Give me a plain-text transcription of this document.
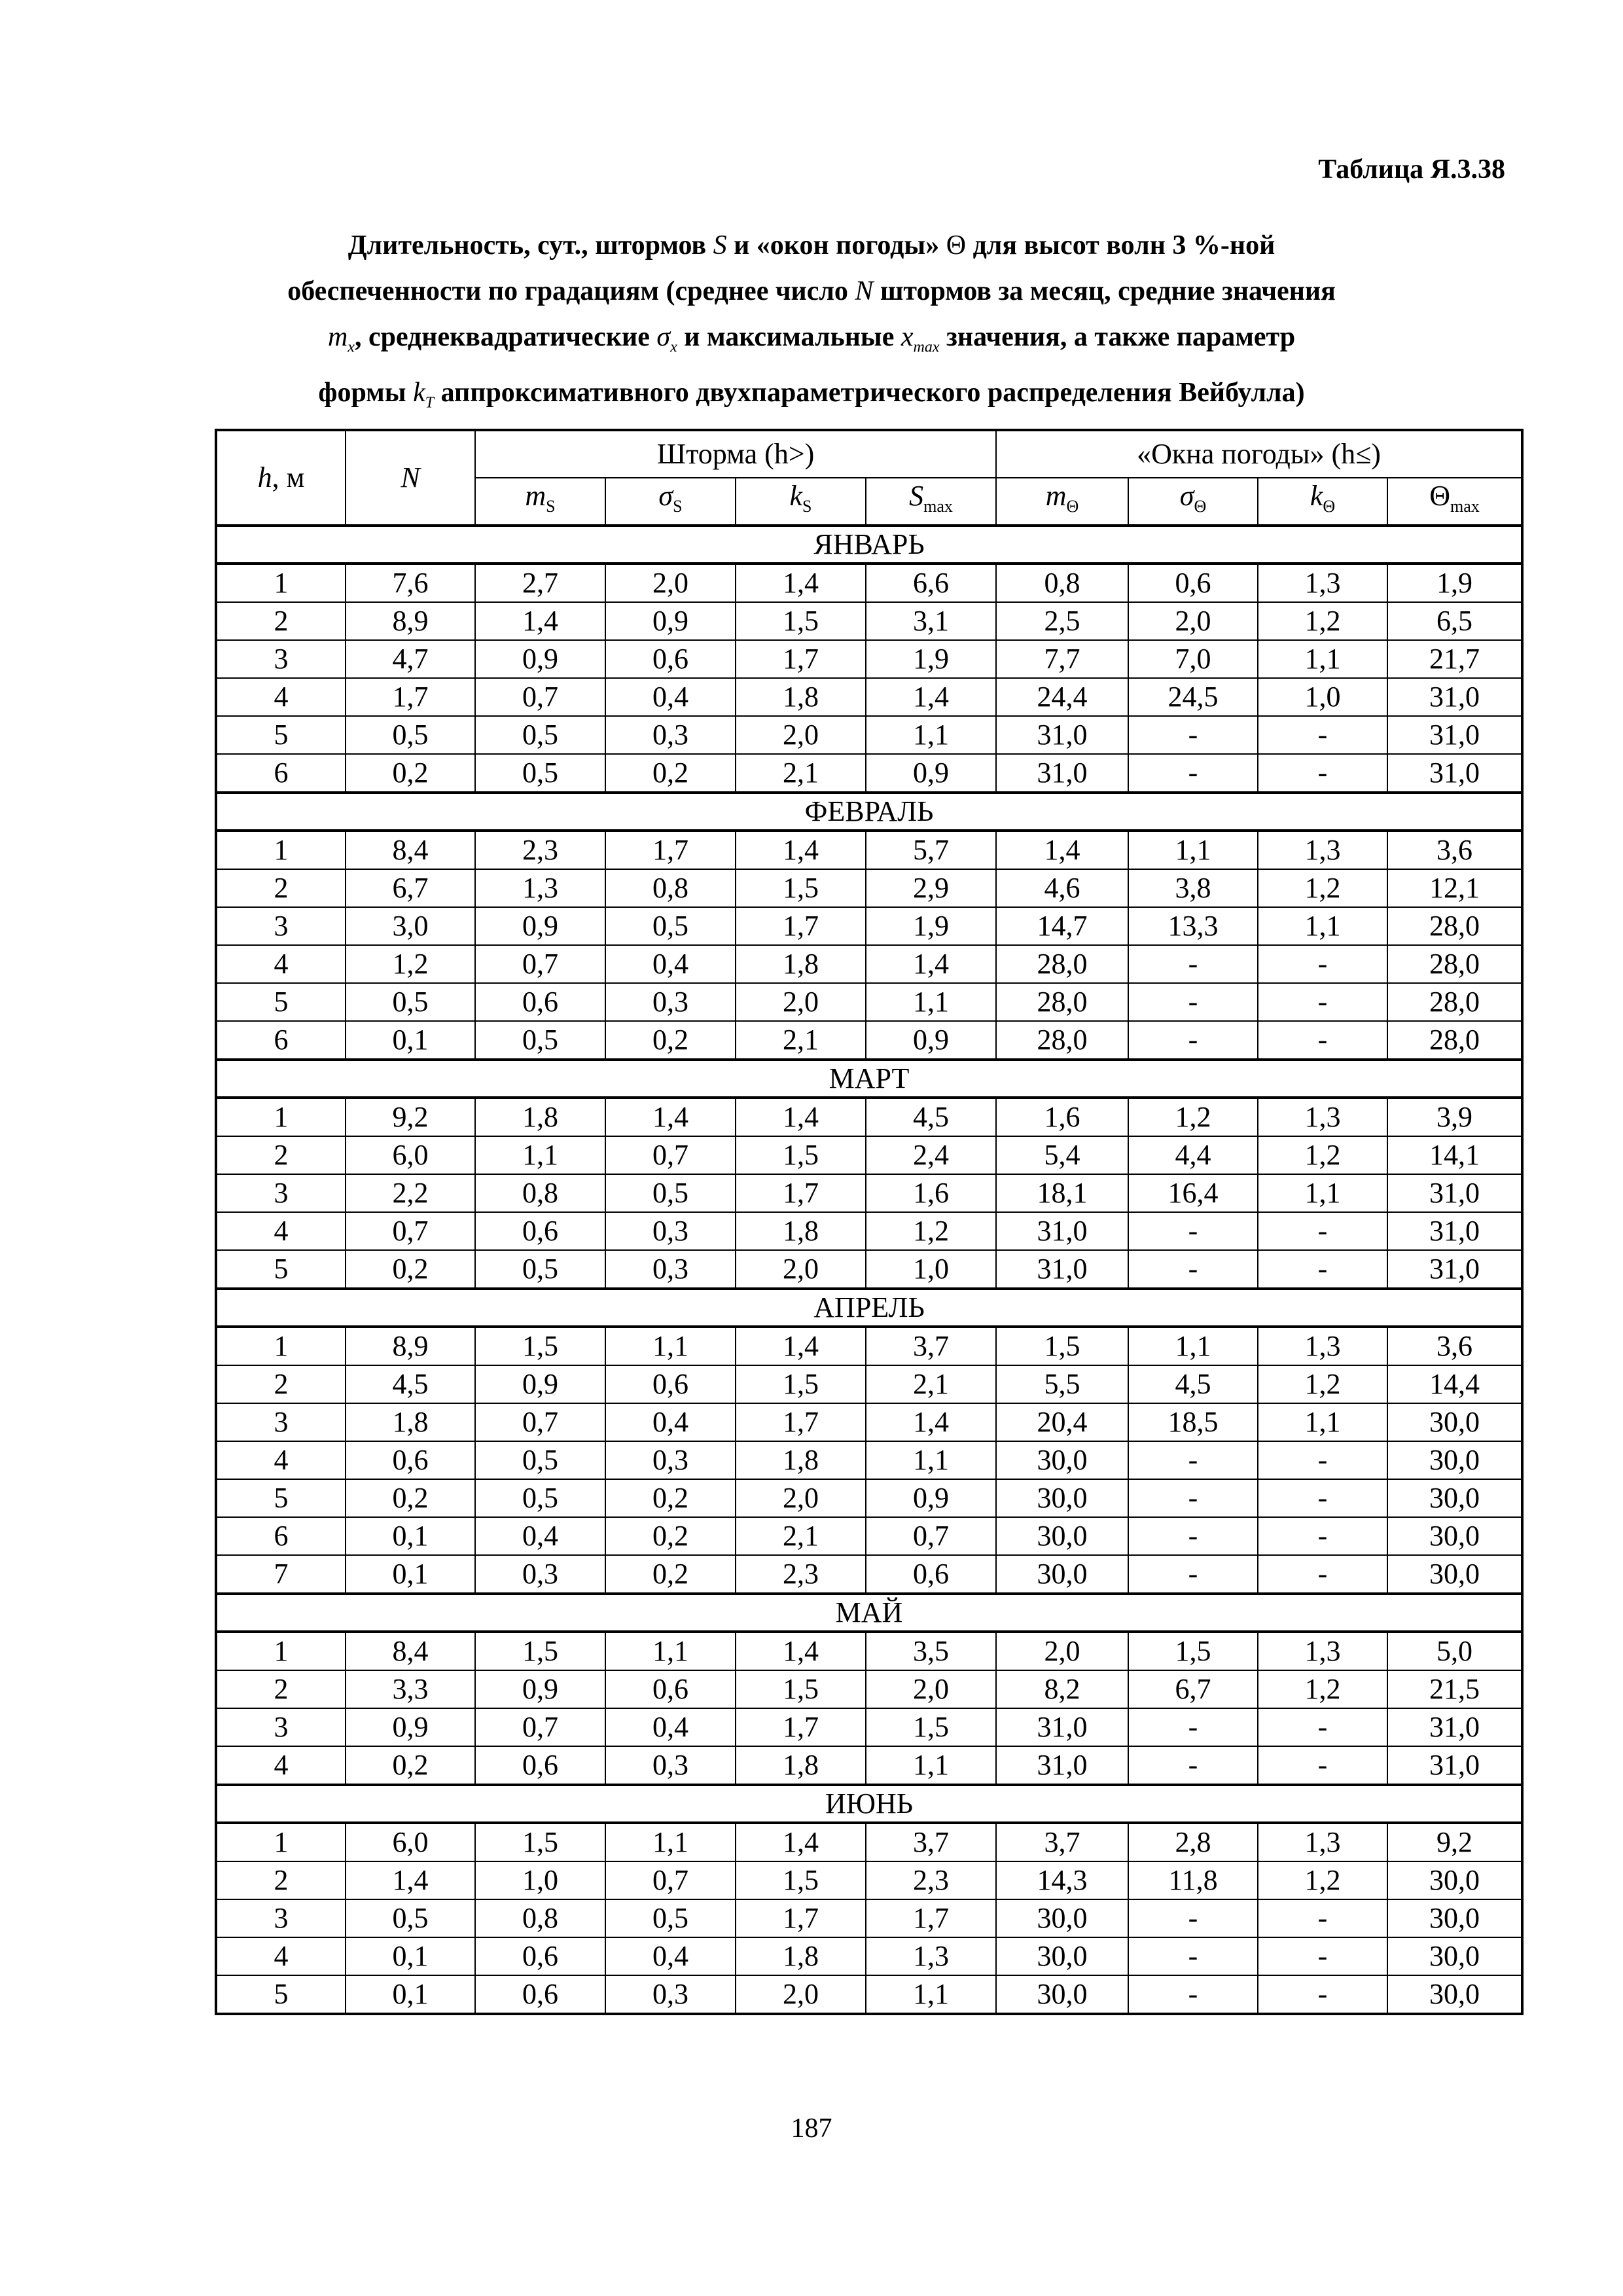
Таблица Я.3.38
Длительность, сут., штормов S и «окон погоды» Θ для высот волн 3 %-ной
обеспеченности по градациям (среднее число N штормов за месяц, средние значения
$m_x$, среднеквадратические $\sigma_x$ и максимальные $x_{max}$ значения, а также параметр
формы $k_T$ аппроксимативного двухпараметрического распределения Вейбулла)
h, м	N	Шторма (h>)				«Окна погоды» (h≤)			
		$m_S$	$\sigma_S$	$k_S$	$S_{max}$	$m_\Theta$	$\sigma_\Theta$	$k_\Theta$	$\Theta_{max}$
ЯНВАРЬ									
1	7,6	2,7	2,0	1,4	6,6	0,8	0,6	1,3	1,9
2	8,9	1,4	0,9	1,5	3,1	2,5	2,0	1,2	6,5
3	4,7	0,9	0,6	1,7	1,9	7,7	7,0	1,1	21,7
4	1,7	0,7	0,4	1,8	1,4	24,4	24,5	1,0	31,0
5	0,5	0,5	0,3	2,0	1,1	31,0	-	-	31,0
6	0,2	0,5	0,2	2,1	0,9	31,0	-	-	31,0
ФЕВРАЛЬ									
1	8,4	2,3	1,7	1,4	5,7	1,4	1,1	1,3	3,6
2	6,7	1,3	0,8	1,5	2,9	4,6	3,8	1,2	12,1
3	3,0	0,9	0,5	1,7	1,9	14,7	13,3	1,1	28,0
4	1,2	0,7	0,4	1,8	1,4	28,0	-	-	28,0
5	0,5	0,6	0,3	2,0	1,1	28,0	-	-	28,0
6	0,1	0,5	0,2	2,1	0,9	28,0	-	-	28,0
МАРТ									
1	9,2	1,8	1,4	1,4	4,5	1,6	1,2	1,3	3,9
2	6,0	1,1	0,7	1,5	2,4	5,4	4,4	1,2	14,1
3	2,2	0,8	0,5	1,7	1,6	18,1	16,4	1,1	31,0
4	0,7	0,6	0,3	1,8	1,2	31,0	-	-	31,0
5	0,2	0,5	0,3	2,0	1,0	31,0	-	-	31,0
АПРЕЛЬ									
1	8,9	1,5	1,1	1,4	3,7	1,5	1,1	1,3	3,6
2	4,5	0,9	0,6	1,5	2,1	5,5	4,5	1,2	14,4
3	1,8	0,7	0,4	1,7	1,4	20,4	18,5	1,1	30,0
4	0,6	0,5	0,3	1,8	1,1	30,0	-	-	30,0
5	0,2	0,5	0,2	2,0	0,9	30,0	-	-	30,0
6	0,1	0,4	0,2	2,1	0,7	30,0	-	-	30,0
7	0,1	0,3	0,2	2,3	0,6	30,0	-	-	30,0
МАЙ									
1	8,4	1,5	1,1	1,4	3,5	2,0	1,5	1,3	5,0
2	3,3	0,9	0,6	1,5	2,0	8,2	6,7	1,2	21,5
3	0,9	0,7	0,4	1,7	1,5	31,0	-	-	31,0
4	0,2	0,6	0,3	1,8	1,1	31,0	-	-	31,0
ИЮНЬ									
1	6,0	1,5	1,1	1,4	3,7	3,7	2,8	1,3	9,2
2	1,4	1,0	0,7	1,5	2,3	14,3	11,8	1,2	30,0
3	0,5	0,8	0,5	1,7	1,7	30,0	-	-	30,0
4	0,1	0,6	0,4	1,8	1,3	30,0	-	-	30,0
5	0,1	0,6	0,3	2,0	1,1	30,0	-	-	30,0
187
